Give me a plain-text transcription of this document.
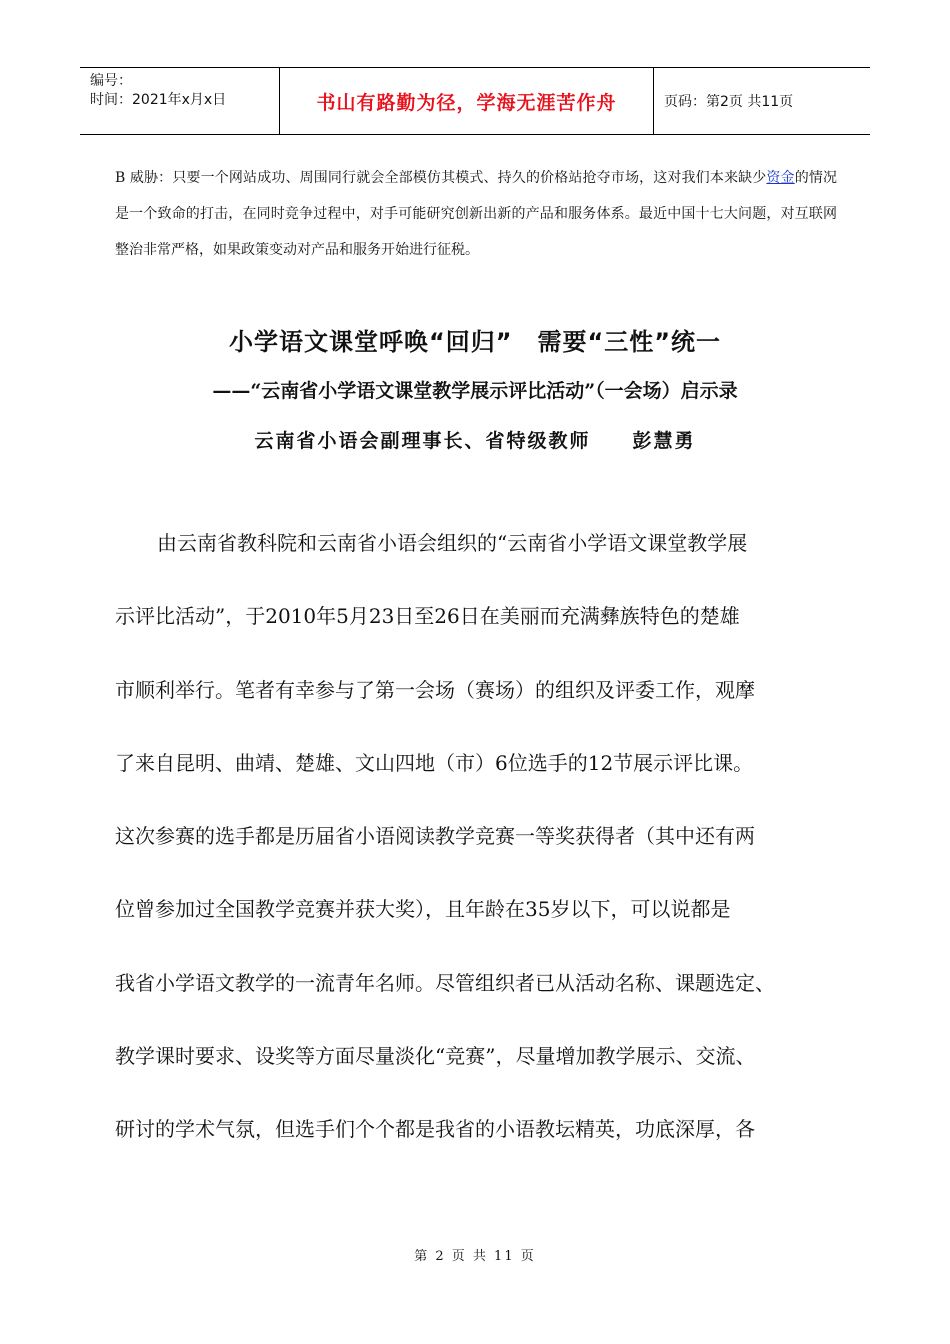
编号：
时间：2021年x月x日	书山有路勤为径，学海无涯苦作舟	页码：第2页 共11页

B 威胁：只要一个网站成功、周围同行就会全部模仿其模式、持久的价格站抢夺市场，这对我们本来缺少资金的情况是一个致命的打击，在同时竞争过程中，对手可能研究创新出新的产品和服务体系。最近中国十七大问题，对互联网整治非常严格，如果政策变动对产品和服务开始进行征税。

小学语文课堂呼唤“回归”　需要“三性”统一
——“云南省小学语文课堂教学展示评比活动”（一会场）启示录

云南省小语会副理事长、省特级教师　　彭慧勇

由云南省教科院和云南省小语会组织的“云南省小学语文课堂教学展
示评比活动”，于2010年5月23日至26日在美丽而充满彝族特色的楚雄
市顺利举行。笔者有幸参与了第一会场（赛场）的组织及评委工作，观摩
了来自昆明、曲靖、楚雄、文山四地（市）6位选手的12节展示评比课。
这次参赛的选手都是历届省小语阅读教学竞赛一等奖获得者（其中还有两
位曾参加过全国教学竞赛并获大奖），且年龄在35岁以下，可以说都是
我省小学语文教学的一流青年名师。尽管组织者已从活动名称、课题选定、
教学课时要求、设奖等方面尽量淡化“竞赛”，尽量增加教学展示、交流、
研讨的学术气氛，但选手们个个都是我省的小语教坛精英，功底深厚，各
第 2 页 共 11 页
